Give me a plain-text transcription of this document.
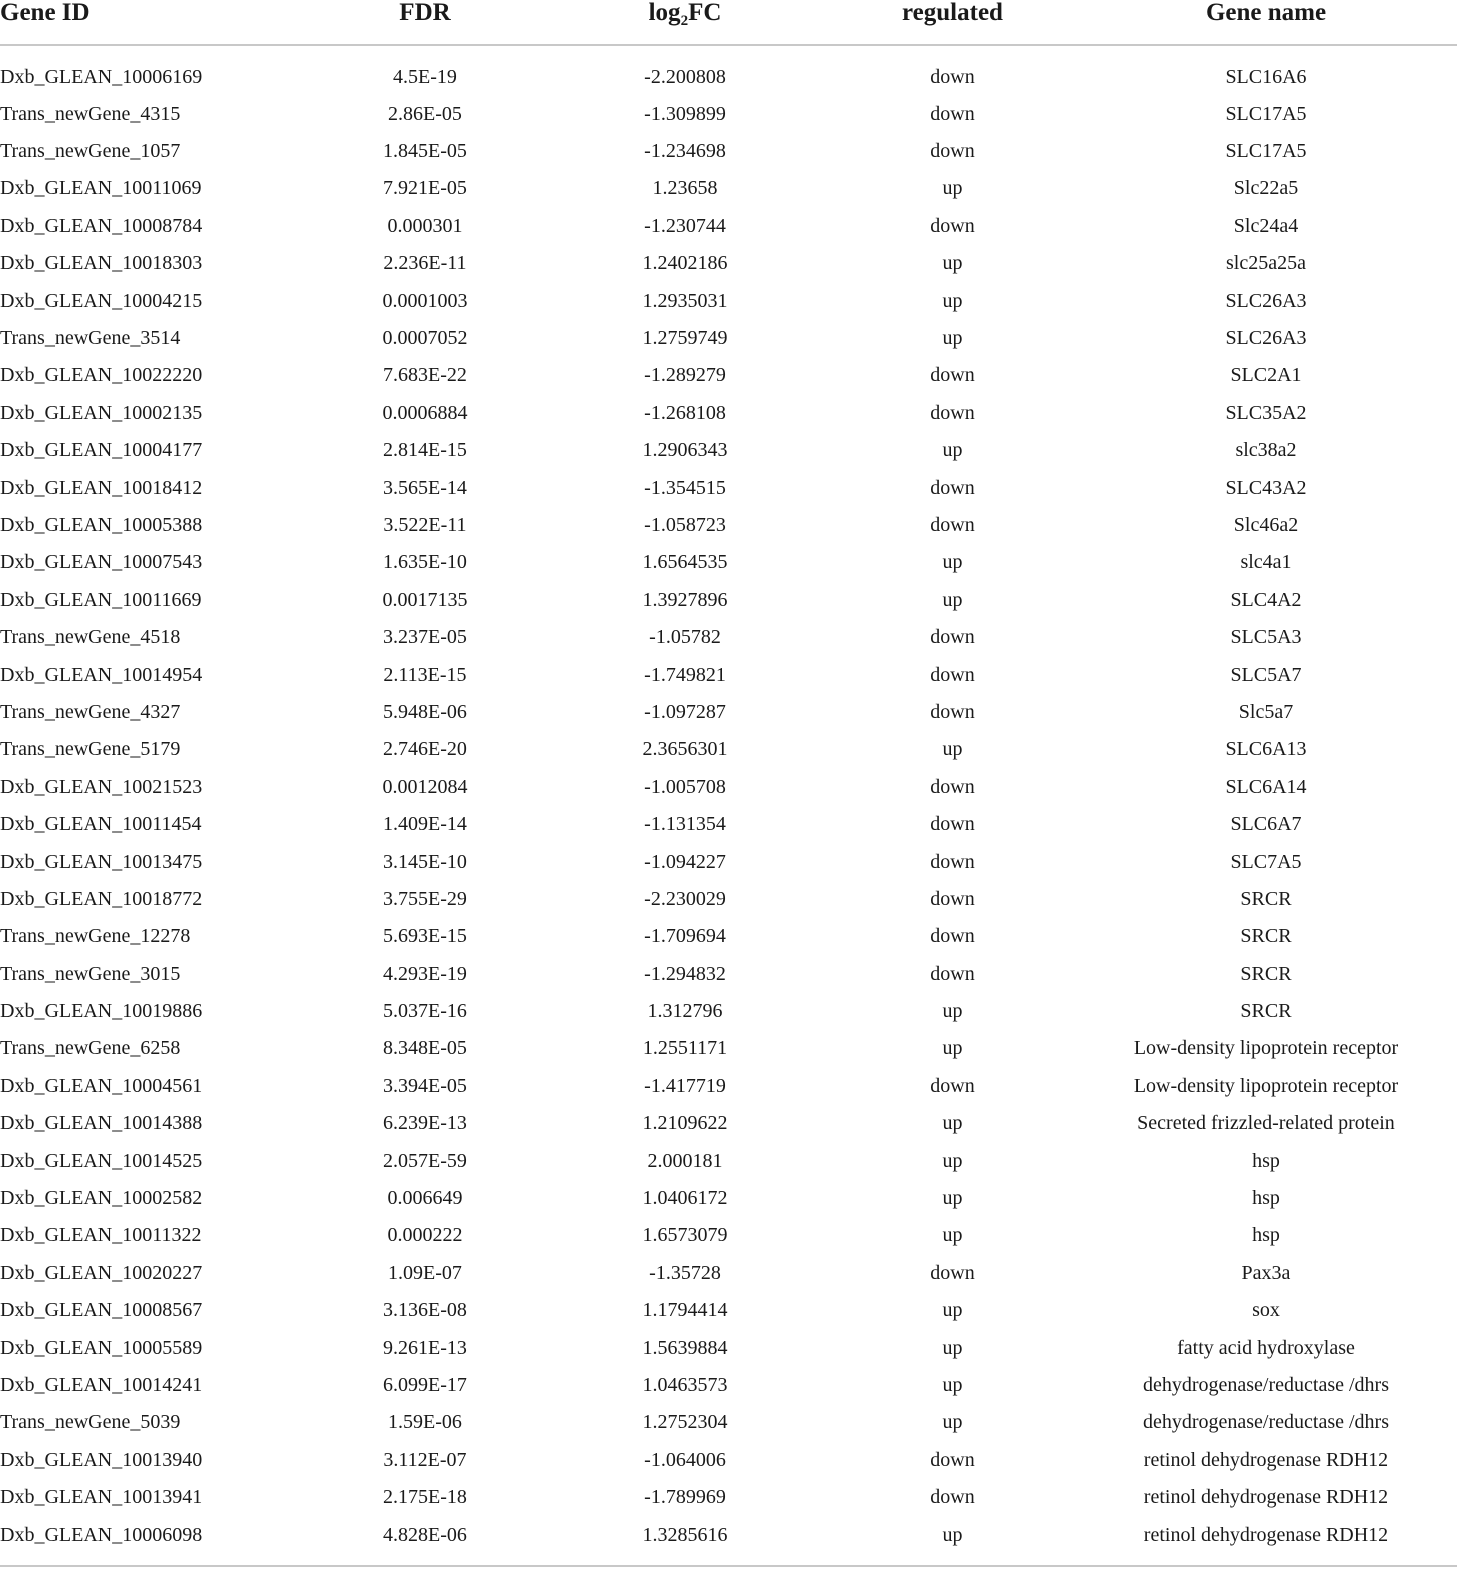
Gene ID	FDR	$\log_2FC$	regulated	Gene name
Dxb_GLEAN_10006169	4.5E-19	-2.200808	down	SLC16A6
Trans_newGene_4315	2.86E-05	-1.309899	down	SLC17A5
Trans_newGene_1057	1.845E-05	-1.234698	down	SLC17A5
Dxb_GLEAN_10011069	7.921E-05	1.23658	up	Slc22a5
Dxb_GLEAN_10008784	0.000301	-1.230744	down	Slc24a4
Dxb_GLEAN_10018303	2.236E-11	1.2402186	up	slc25a25a
Dxb_GLEAN_10004215	0.0001003	1.2935031	up	SLC26A3
Trans_newGene_3514	0.0007052	1.2759749	up	SLC26A3
Dxb_GLEAN_10022220	7.683E-22	-1.289279	down	SLC2A1
Dxb_GLEAN_10002135	0.0006884	-1.268108	down	SLC35A2
Dxb_GLEAN_10004177	2.814E-15	1.2906343	up	slc38a2
Dxb_GLEAN_10018412	3.565E-14	-1.354515	down	SLC43A2
Dxb_GLEAN_10005388	3.522E-11	-1.058723	down	Slc46a2
Dxb_GLEAN_10007543	1.635E-10	1.6564535	up	slc4a1
Dxb_GLEAN_10011669	0.0017135	1.3927896	up	SLC4A2
Trans_newGene_4518	3.237E-05	-1.05782	down	SLC5A3
Dxb_GLEAN_10014954	2.113E-15	-1.749821	down	SLC5A7
Trans_newGene_4327	5.948E-06	-1.097287	down	Slc5a7
Trans_newGene_5179	2.746E-20	2.3656301	up	SLC6A13
Dxb_GLEAN_10021523	0.0012084	-1.005708	down	SLC6A14
Dxb_GLEAN_10011454	1.409E-14	-1.131354	down	SLC6A7
Dxb_GLEAN_10013475	3.145E-10	-1.094227	down	SLC7A5
Dxb_GLEAN_10018772	3.755E-29	-2.230029	down	SRCR
Trans_newGene_12278	5.693E-15	-1.709694	down	SRCR
Trans_newGene_3015	4.293E-19	-1.294832	down	SRCR
Dxb_GLEAN_10019886	5.037E-16	1.312796	up	SRCR
Trans_newGene_6258	8.348E-05	1.2551171	up	Low-density lipoprotein receptor
Dxb_GLEAN_10004561	3.394E-05	-1.417719	down	Low-density lipoprotein receptor
Dxb_GLEAN_10014388	6.239E-13	1.2109622	up	Secreted frizzled-related protein
Dxb_GLEAN_10014525	2.057E-59	2.000181	up	hsp
Dxb_GLEAN_10002582	0.006649	1.0406172	up	hsp
Dxb_GLEAN_10011322	0.000222	1.6573079	up	hsp
Dxb_GLEAN_10020227	1.09E-07	-1.35728	down	Pax3a
Dxb_GLEAN_10008567	3.136E-08	1.1794414	up	sox
Dxb_GLEAN_10005589	9.261E-13	1.5639884	up	fatty acid hydroxylase
Dxb_GLEAN_10014241	6.099E-17	1.0463573	up	dehydrogenase/reductase /dhrs
Trans_newGene_5039	1.59E-06	1.2752304	up	dehydrogenase/reductase /dhrs
Dxb_GLEAN_10013940	3.112E-07	-1.064006	down	retinol dehydrogenase RDH12
Dxb_GLEAN_10013941	2.175E-18	-1.789969	down	retinol dehydrogenase RDH12
Dxb_GLEAN_10006098	4.828E-06	1.3285616	up	retinol dehydrogenase RDH12
